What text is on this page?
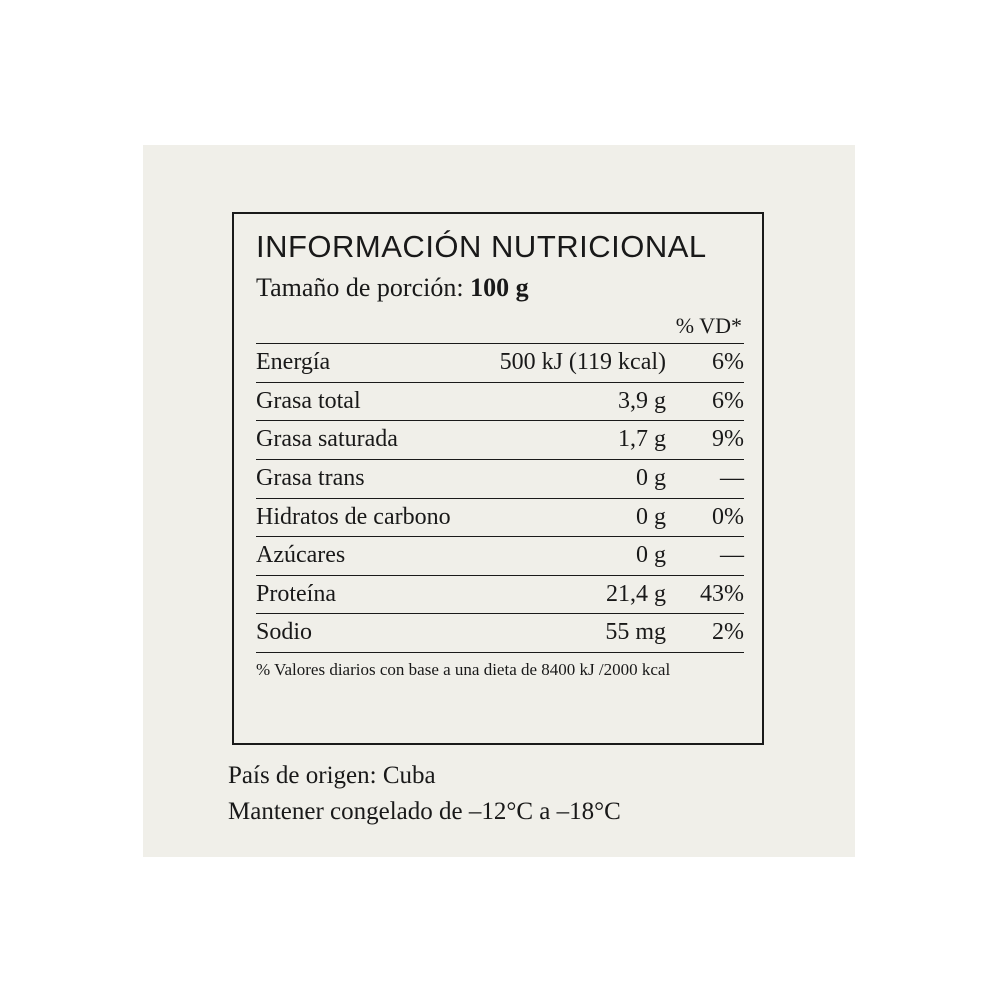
INFORMACIÓN NUTRICIONAL
Tamaño de porción: 100 g
% VD*
Energía	500 kJ (119 kcal)	6%
Grasa total	3,9 g	6%
Grasa saturada	1,7 g	9%
Grasa trans	0 g	—
Hidratos de carbono	0 g	0%
Azúcares	0 g	—
Proteína	21,4 g	43%
Sodio	55 mg	2%
% Valores diarios con base a una dieta de 8400 kJ /2000 kcal
País de origen: Cuba
Mantener congelado de –12°C a –18°C
